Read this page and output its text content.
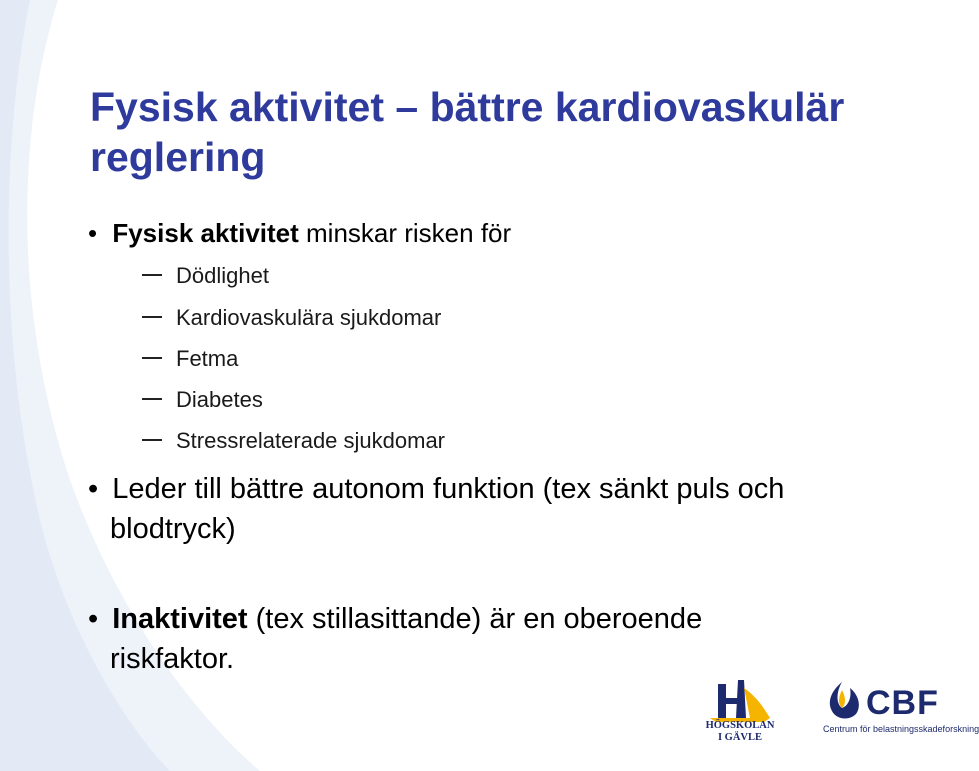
Fysisk aktivitet – bättre kardiovaskulär
reglering
• Fysisk aktivitet minskar risken för
Dödlighet
Kardiovaskulära sjukdomar
Fetma
Diabetes
Stressrelaterade sjukdomar
• Leder till bättre autonom funktion (tex sänkt puls och
blodtryck)
• Inaktivitet (tex stillasittande) är en oberoende
riskfaktor.
HÖGSKOLAN
I GÄVLE
CBF
Centrum för belastningsskadeforskning
